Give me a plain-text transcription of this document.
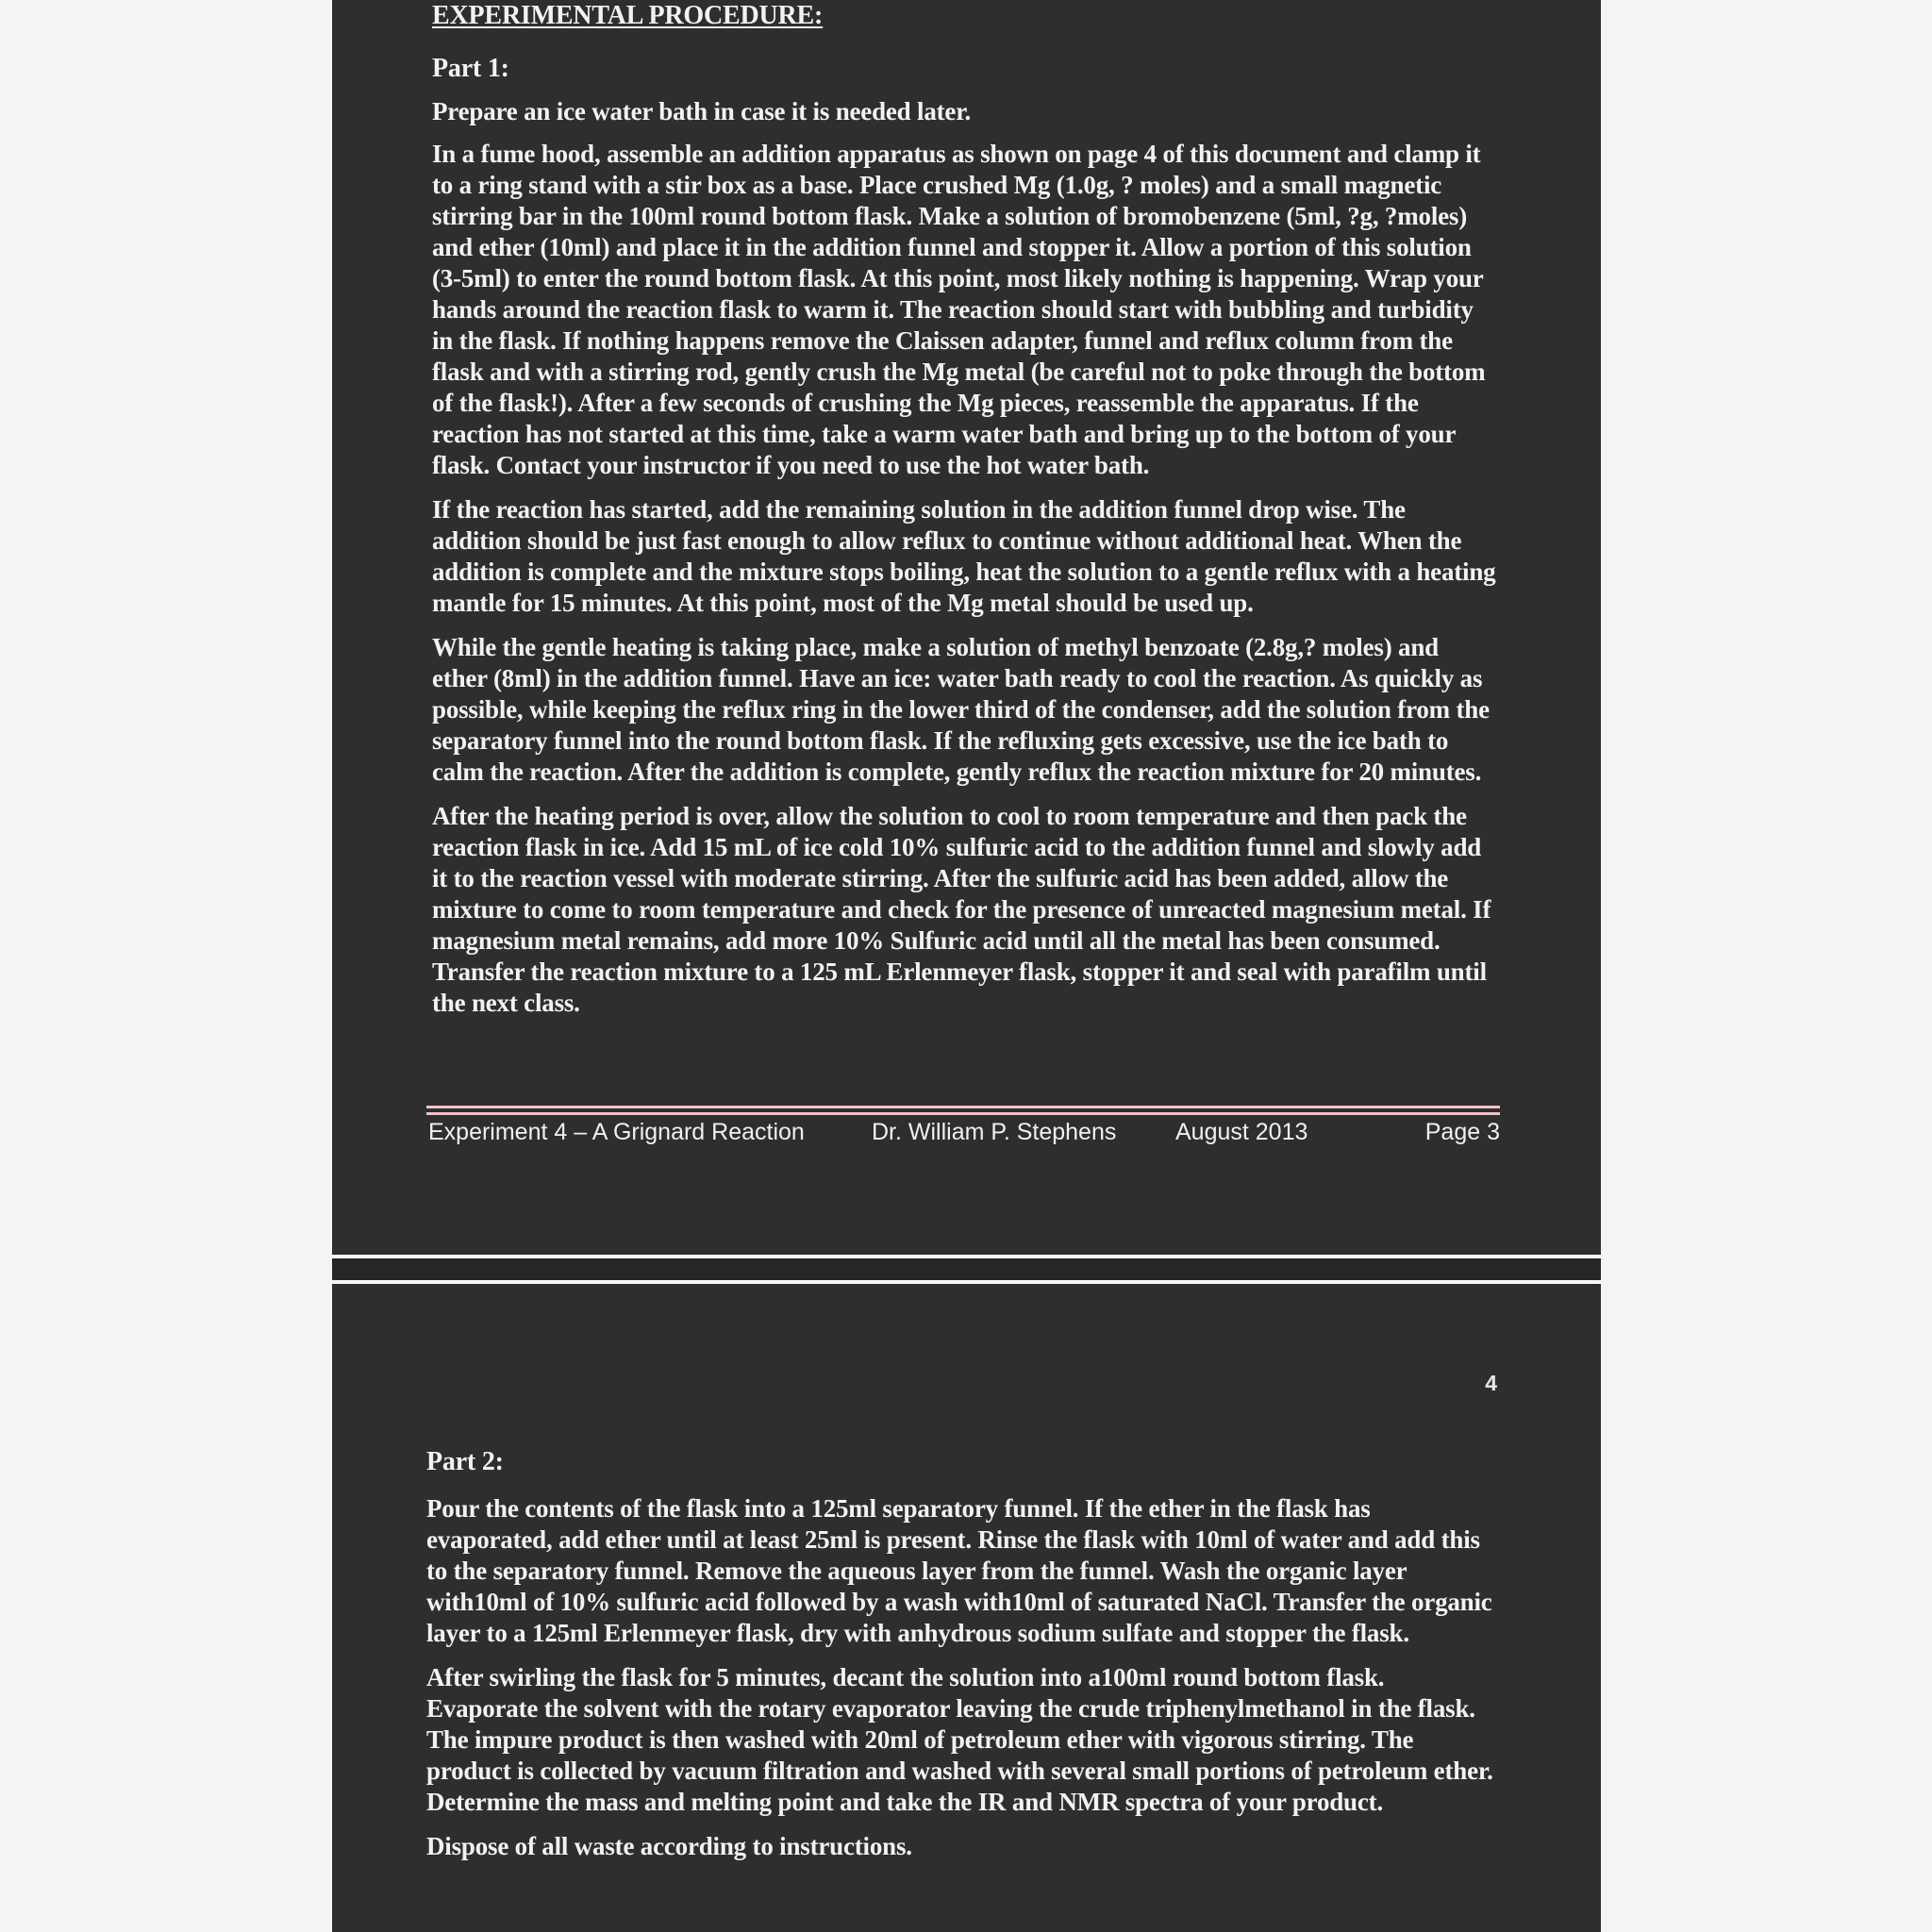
EXPERIMENTAL PROCEDURE:
Part 1:

Prepare an ice water bath in case it is needed later.

In a fume hood, assemble an addition apparatus as shown on page 4 of this document and clamp it to a ring stand with a stir box as a base. Place crushed Mg (1.0g, ? moles) and a small magnetic stirring bar in the 100ml round bottom flask. Make a solution of bromobenzene (5ml, ?g, ?moles) and ether (10ml) and place it in the addition funnel and stopper it. Allow a portion of this solution (3-5ml) to enter the round bottom flask. At this point, most likely nothing is happening. Wrap your hands around the reaction flask to warm it. The reaction should start with bubbling and turbidity in the flask. If nothing happens remove the Claissen adapter, funnel and reflux column from the flask and with a stirring rod, gently crush the Mg metal (be careful not to poke through the bottom of the flask!). After a few seconds of crushing the Mg pieces, reassemble the apparatus. If the reaction has not started at this time, take a warm water bath and bring up to the bottom of your flask. Contact your instructor if you need to use the hot water bath.

If the reaction has started, add the remaining solution in the addition funnel drop wise. The addition should be just fast enough to allow reflux to continue without additional heat. When the addition is complete and the mixture stops boiling, heat the solution to a gentle reflux with a heating mantle for 15 minutes. At this point, most of the Mg metal should be used up.

While the gentle heating is taking place, make a solution of methyl benzoate (2.8g,? moles) and ether (8ml) in the addition funnel. Have an ice: water bath ready to cool the reaction. As quickly as possible, while keeping the reflux ring in the lower third of the condenser, add the solution from the separatory funnel into the round bottom flask. If the refluxing gets excessive, use the ice bath to calm the reaction. After the addition is complete, gently reflux the reaction mixture for 20 minutes.

After the heating period is over, allow the solution to cool to room temperature and then pack the reaction flask in ice. Add 15 mL of ice cold 10% sulfuric acid to the addition funnel and slowly add it to the reaction vessel with moderate stirring. After the sulfuric acid has been added, allow the mixture to come to room temperature and check for the presence of unreacted magnesium metal. If magnesium metal remains, add more 10% Sulfuric acid until all the metal has been consumed. Transfer the reaction mixture to a 125 mL Erlenmeyer flask, stopper it and seal with parafilm until the next class.

Experiment 4 – A Grignard Reaction	Dr. William P. Stephens	August 2013	Page 3
4
Part 2:

Pour the contents of the flask into a 125ml separatory funnel. If the ether in the flask has evaporated, add ether until at least 25ml is present. Rinse the flask with 10ml of water and add this to the separatory funnel. Remove the aqueous layer from the funnel. Wash the organic layer with10ml of 10% sulfuric acid followed by a wash with10ml of saturated NaCl. Transfer the organic layer to a 125ml Erlenmeyer flask, dry with anhydrous sodium sulfate and stopper the flask.

After swirling the flask for 5 minutes, decant the solution into a100ml round bottom flask. Evaporate the solvent with the rotary evaporator leaving the crude triphenylmethanol in the flask. The impure product is then washed with 20ml of petroleum ether with vigorous stirring. The product is collected by vacuum filtration and washed with several small portions of petroleum ether. Determine the mass and melting point and take the IR and NMR spectra of your product.

Dispose of all waste according to instructions.
